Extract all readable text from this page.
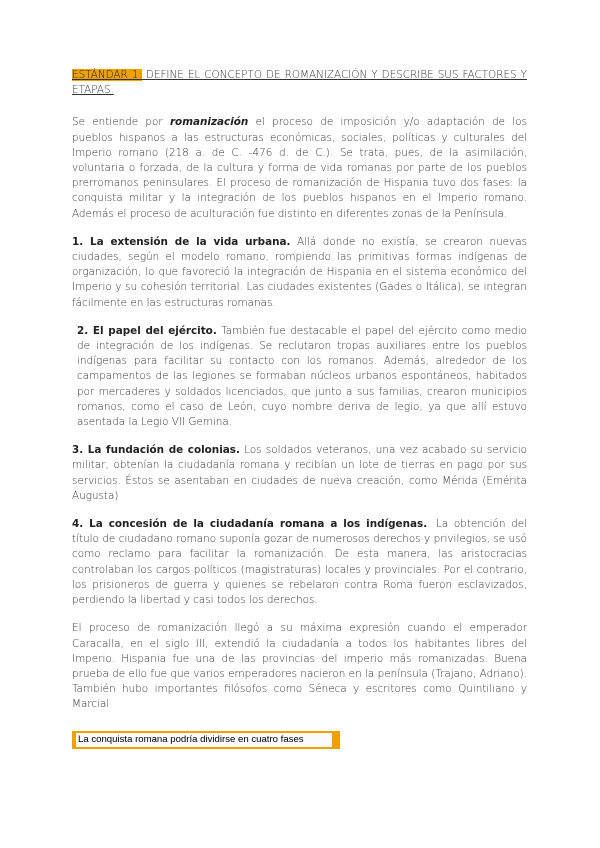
ESTÁNDAR 1: DEFINE EL CONCEPTO DE ROMANIZACIÓN Y DESCRIBE SUS FACTORES Y ETAPAS.

Se entiende por romanización el proceso de imposición y/o adaptación de los pueblos hispanos a las estructuras económicas, sociales, políticas y culturales del Imperio romano (218 a. de C. -476 d. de C.). Se trata, pues, de la asimilación, voluntaria o forzada, de la cultura y forma de vida romanas por parte de los pueblos prerromanos peninsulares. El proceso de romanización de Hispania tuvo dos fases: la conquista militar y la integración de los pueblos hispanos en el Imperio romano. Además el proceso de aculturación fue distinto en diferentes zonas de la Península.

1. La extensión de la vida urbana. Allá donde no existía, se crearon nuevas ciudades, según el modelo romano, rompiendo las primitivas formas indígenas de organización, lo que favoreció la integración de Hispania en el sistema económico del Imperio y su cohesión territorial. Las ciudades existentes (Gades o Itálica), se integran fácilmente en las estructuras romanas.

2. El papel del ejército. También fue destacable el papel del ejército como medio de integración de los indígenas. Se reclutaron tropas auxiliares entre los pueblos indígenas para facilitar su contacto con los romanos. Además, alrededor de los campamentos de las legiones se formaban núcleos urbanos espontáneos, habitados por mercaderes y soldados licenciados, que junto a sus familias, crearon municipios romanos, como el caso de León, cuyo nombre deriva de legio, ya que allí estuvo asentada la Legio VII Gemina.

3. La fundación de colonias. Los soldados veteranos, una vez acabado su servicio militar, obtenían la ciudadanía romana y recibían un lote de tierras en pago por sus servicios. Éstos se asentaban en ciudades de nueva creación, como Mérida (Emérita Augusta)

4. La concesión de la ciudadanía romana a los indígenas.. La obtención del título de ciudadano romano suponía gozar de numerosos derechos y privilegios, se usó como reclamo para facilitar la romanización. De esta manera, las aristocracias controlaban los cargos políticos (magistraturas) locales y provinciales. Por el contrario, los prisioneros de guerra y quienes se rebelaron contra Roma fueron esclavizados, perdiendo la libertad y casi todos los derechos.

El proceso de romanización llegó a su máxima expresión cuando el emperador Caracalla, en el siglo III, extendió la ciudadanía a todos los habitantes libres del Imperio. Hispania fue una de las provincias del imperio más romanizadas. Buena prueba de ello fue que varios emperadores nacieron en la península (Trajano, Adriano). También hubo importantes filósofos como Séneca y escritores como Quintiliano y Marcial

La conquista romana podría dividirse en cuatro fases
